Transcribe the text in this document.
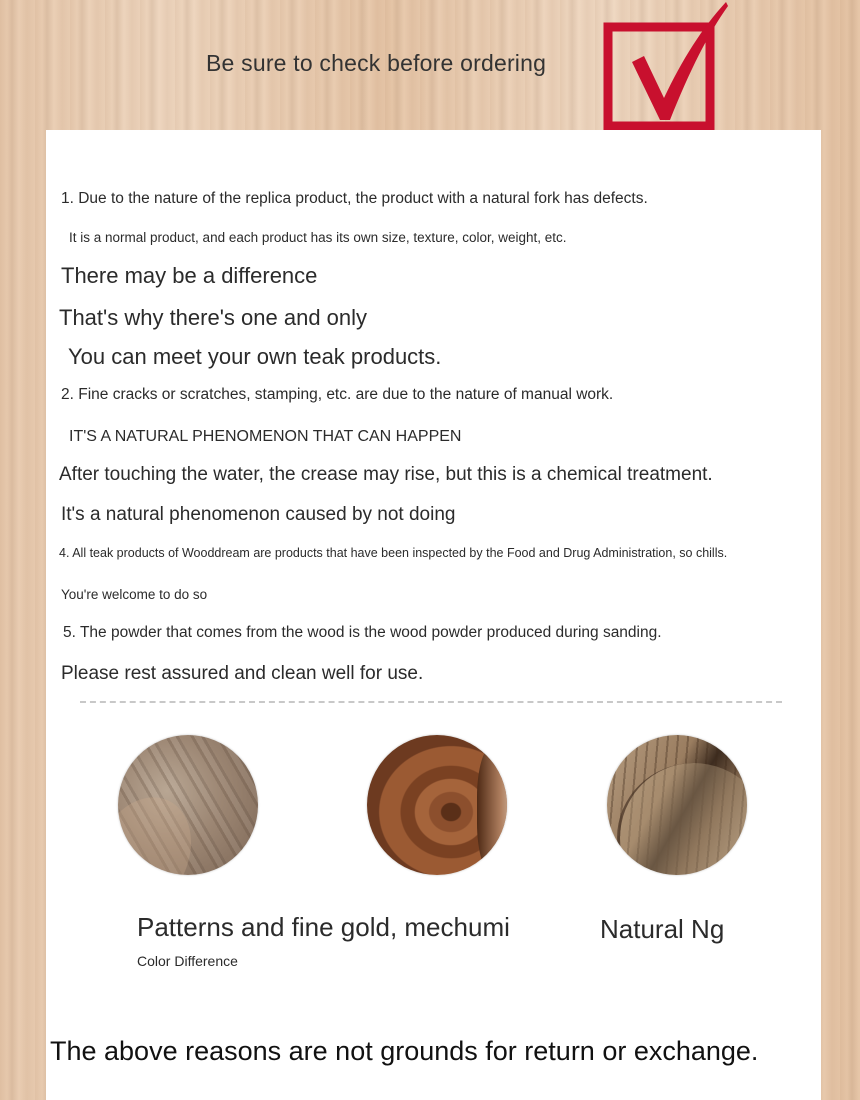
Be sure to check before ordering
1. Due to the nature of the replica product, the product with a natural fork has defects.
It is a normal product, and each product has its own size, texture, color, weight, etc.
There may be a difference
That's why there's one and only
You can meet your own teak products.
2. Fine cracks or scratches, stamping, etc. are due to the nature of manual work.
IT'S A NATURAL PHENOMENON THAT CAN HAPPEN
After touching the water, the crease may rise, but this is a chemical treatment.
It's a natural phenomenon caused by not doing
4. All teak products of Wooddream are products that have been inspected by the Food and Drug Administration, so chills.
You're welcome to do so
5. The powder that comes from the wood is the wood powder produced during sanding.
Please rest assured and clean well for use.
Patterns and fine gold, mechumi
Color Difference
Natural Ng
The above reasons are not grounds for return or exchange.
